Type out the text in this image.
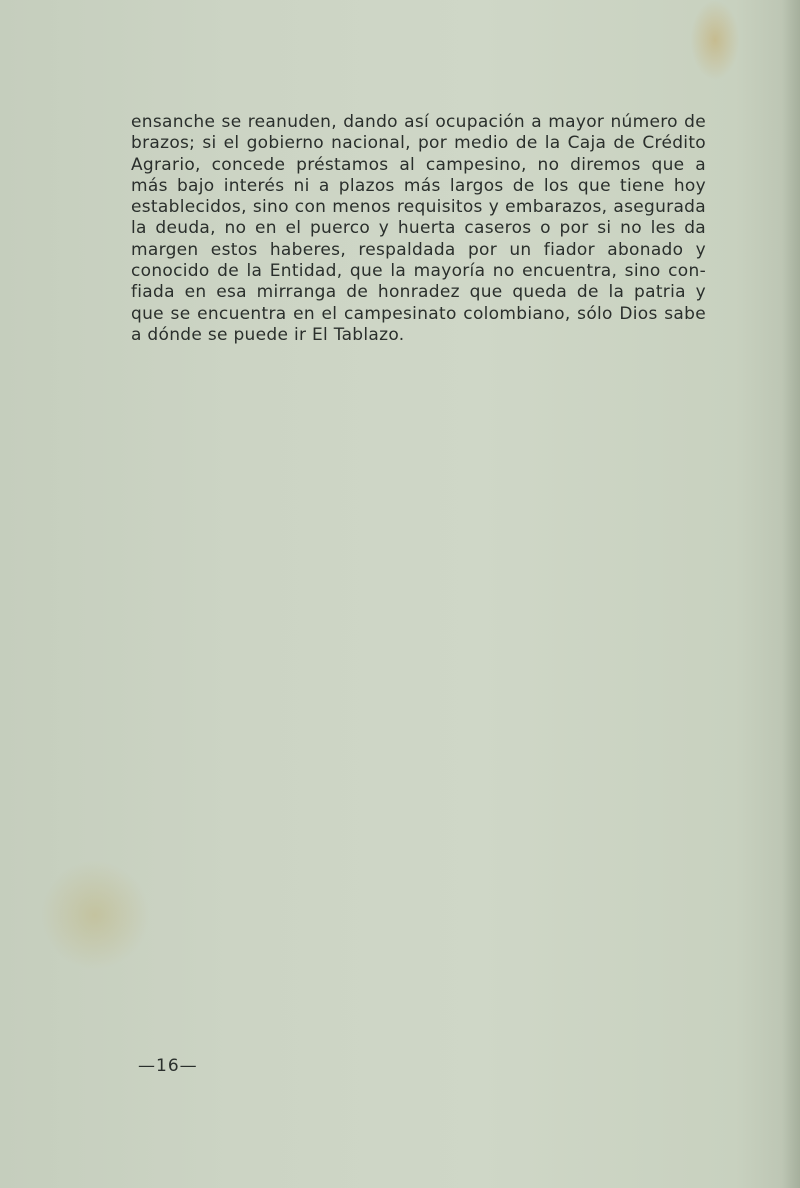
ensanche se reanuden, dando así ocupación a mayor número de
brazos; si el gobierno nacional, por medio de la Caja de Crédito
Agrario, concede préstamos al campesino, no diremos que a
más bajo interés ni a plazos más largos de los que tiene hoy
establecidos, sino con menos requisitos y embarazos, asegurada
la deuda, no en el puerco y huerta caseros o por si no les da
margen estos haberes, respaldada por un fiador abonado y
conocido de la Entidad, que la mayoría no encuentra, sino con-
fiada en esa mirranga de honradez que queda de la patria y
que se encuentra en el campesinato colombiano, sólo Dios sabe
a dónde se puede ir El Tablazo.
—16—
